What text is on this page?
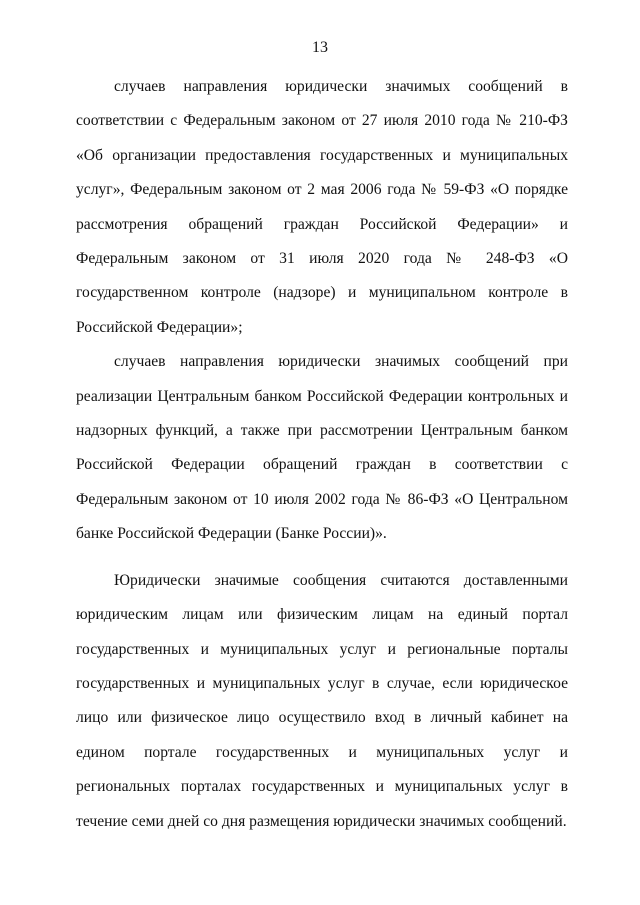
13

случаев направления юридически значимых сообщений в соответствии с Федеральным законом от 27 июля 2010 года № 210-ФЗ «Об организации предоставления государственных и муниципальных услуг», Федеральным законом от 2 мая 2006 года № 59-ФЗ «О порядке рассмотрения обращений граждан Российской Федерации» и Федеральным законом от 31 июля 2020 года № 248-ФЗ «О государственном контроле (надзоре) и муниципальном контроле в Российской Федерации»;

случаев направления юридически значимых сообщений при реализации Центральным банком Российской Федерации контрольных и надзорных функций, а также при рассмотрении Центральным банком Российской Федерации обращений граждан в соответствии с Федеральным законом от 10 июля 2002 года № 86-ФЗ «О Центральном банке Российской Федерации (Банке России)».

Юридически значимые сообщения считаются доставленными юридическим лицам или физическим лицам на единый портал государственных и муниципальных услуг и региональные порталы государственных и муниципальных услуг в случае, если юридическое лицо или физическое лицо осуществило вход в личный кабинет на едином портале государственных и муниципальных услуг и региональных порталах государственных и муниципальных услуг в течение семи дней со дня размещения юридически значимых сообщений.
